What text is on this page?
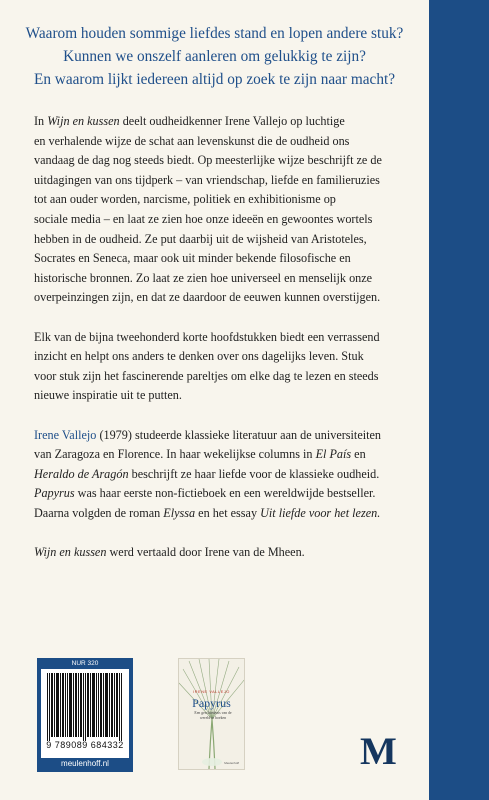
Waarom houden sommige liefdes stand en lopen andere stuk?
Kunnen we onszelf aanleren om gelukkig te zijn?
En waarom lijkt iedereen altijd op zoek te zijn naar macht?

In Wijn en kussen deelt oudheidkenner Irene Vallejo op luchtige
en verhalende wijze de schat aan levenskunst die de oudheid ons
vandaag de dag nog steeds biedt. Op meesterlijke wijze beschrijft ze de
uitdagingen van ons tijdperk – van vriendschap, liefde en familieruzies
tot aan ouder worden, narcisme, politiek en exhibitionisme op
sociale media – en laat ze zien hoe onze ideeën en gewoontes wortels
hebben in de oudheid. Ze put daarbij uit de wijsheid van Aristoteles,
Socrates en Seneca, maar ook uit minder bekende filosofische en
historische bronnen. Zo laat ze zien hoe universeel en menselijk onze
overpeinzingen zijn, en dat ze daardoor de eeuwen kunnen overstijgen.

Elk van de bijna tweehonderd korte hoofdstukken biedt een verrassend
inzicht en helpt ons anders te denken over ons dagelijks leven. Stuk
voor stuk zijn het fascinerende pareltjes om elke dag te lezen en steeds
nieuwe inspiratie uit te putten.

Irene Vallejo (1979) studeerde klassieke literatuur aan de universiteiten
van Zaragoza en Florence. In haar wekelijkse columns in El País en
Heraldo de Aragón beschrijft ze haar liefde voor de klassieke oudheid.
Papyrus was haar eerste non-fictieboek en een wereldwijde bestseller.
Daarna volgden de roman Elyssa en het essay Uit liefde voor het lezen.

Wijn en kussen werd vertaald door Irene van de Mheen.

NUR 320
9 789089 684332
meulenhoff.nl
IRENE VALLEJO
Papyrus
Een geschiedenis van de wereld in boeken
Meulenhoff	M
